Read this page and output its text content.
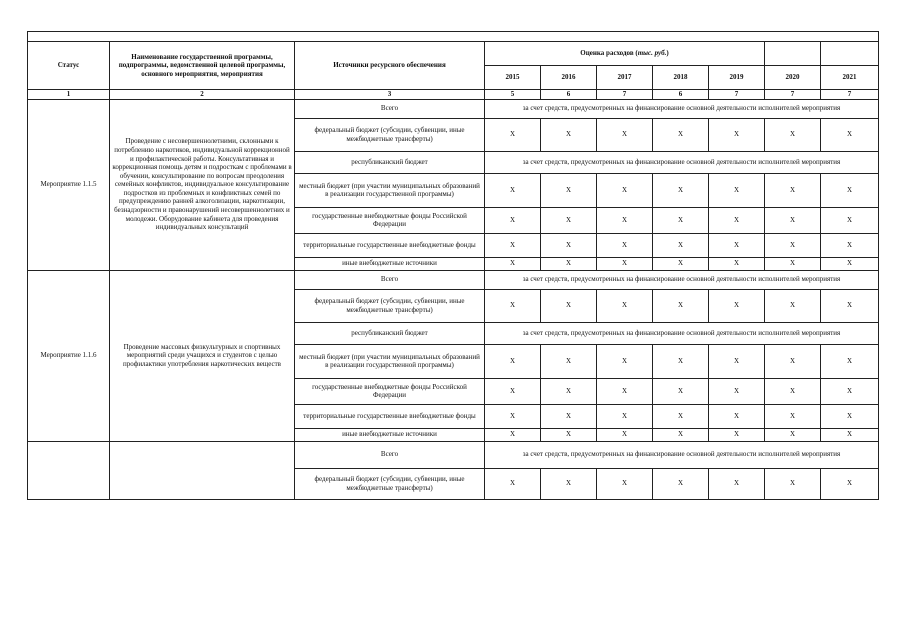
Статус	Наименование государственной программы, подпрограммы, ведомственной целевой программы, основного мероприятия, мероприятия	Источники ресурсного обеспечения	Оценка расходов (тыс. руб.)						
			2015	2016	2017	2018	2019	2020	2021
1	2	3	5	6	7	6	7	7	7
Мероприятие 1.1.5	Проведение с несовершеннолетними, склонными к потреблению наркотиков, индивидуальной коррекционной и профилактической работы. Консультативная и коррекционная помощь детям и подросткам с проблемами в обучении, консультирование по вопросам преодоления семейных конфликтов, индивидуальное консультирование подростков из проблемных и конфликтных семей по предупреждению ранней алкоголизации, наркотизации, безнадзорности и правонарушений несовершеннолетних и молодежи. Оборудование кабинета для проведения индивидуальных консультаций	Всего	за счет средств, предусмотренных на финансирование основной деятельности исполнителей мероприятия						
		федеральный бюджет (субсидии, субвенции, иные межбюджетные трансферты)	X	X	X	X	X	X	X
		республиканский бюджет	за счет средств, предусмотренных на финансирование основной деятельности исполнителей мероприятия						
		местный бюджет (при участии муниципальных образований в реализации государственной программы)	X	X	X	X	X	X	X
		государственные внебюджетные фонды Российской Федерации	X	X	X	X	X	X	X
		территориальные государственные внебюджетные фонды	X	X	X	X	X	X	X
		иные внебюджетные источники	X	X	X	X	X	X	X
Мероприятие 1.1.6	Проведение массовых физкультурных и спортивных мероприятий среди учащихся и студентов с целью профилактики употребления наркотических веществ	Всего	за счет средств, предусмотренных на финансирование основной деятельности исполнителей мероприятия						
		федеральный бюджет (субсидии, субвенции, иные межбюджетные трансферты)	X	X	X	X	X	X	X
		республиканский бюджет	за счет средств, предусмотренных на финансирование основной деятельности исполнителей мероприятия						
		местный бюджет (при участии муниципальных образований в реализации государственной программы)	X	X	X	X	X	X	X
		государственные внебюджетные фонды Российской Федерации	X	X	X	X	X	X	X
		территориальные государственные внебюджетные фонды	X	X	X	X	X	X	X
		иные внебюджетные источники	X	X	X	X	X	X	X
		Всего	за счет средств, предусмотренных на финансирование основной деятельности исполнителей мероприятия						
		федеральный бюджет (субсидии, субвенции, иные межбюджетные трансферты)	X	X	X	X	X	X	X
